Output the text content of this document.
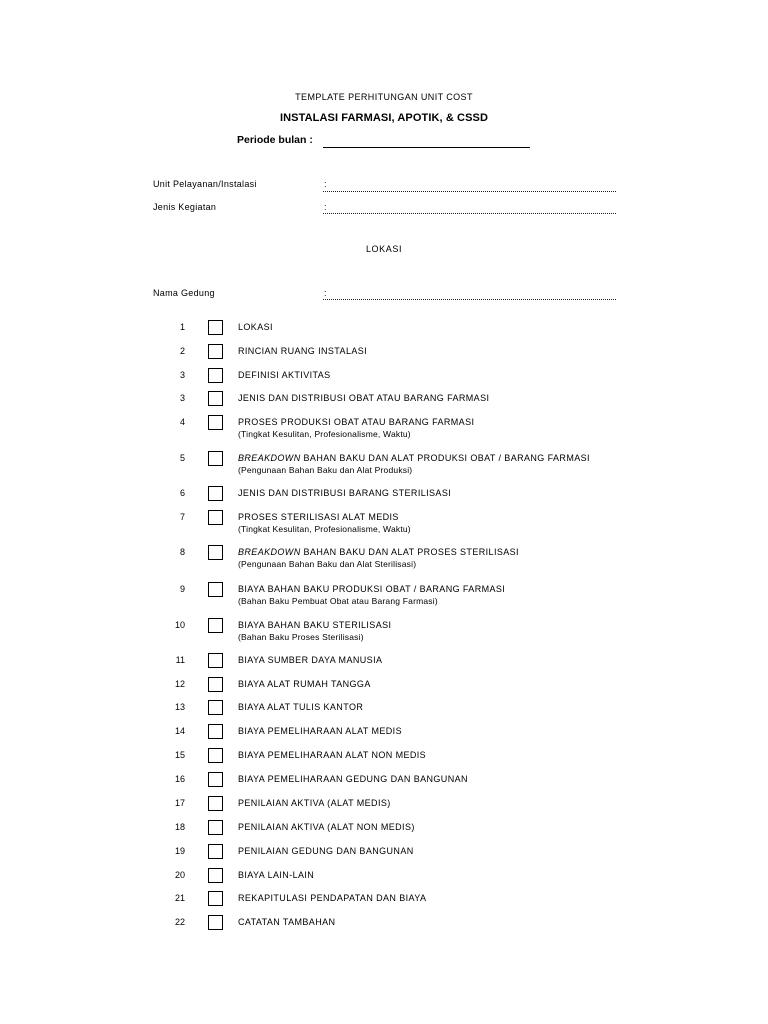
TEMPLATE PERHITUNGAN UNIT COST
INSTALASI FARMASI, APOTIK, & CSSD
Periode bulan :
Unit Pelayanan/Instalasi	:
Jenis Kegiatan	:
LOKASI
Nama Gedung	:
1	LOKASI
2	RINCIAN RUANG INSTALASI
3	DEFINISI AKTIVITAS
3	JENIS DAN DISTRIBUSI OBAT ATAU BARANG FARMASI
4	PROSES PRODUKSI OBAT ATAU BARANG FARMASI
(Tingkat Kesulitan, Profesionalisme, Waktu)
5	BREAKDOWN BAHAN BAKU DAN ALAT PRODUKSI OBAT / BARANG FARMASI
(Pengunaan Bahan Baku dan Alat Produksi)
6	JENIS DAN DISTRIBUSI BARANG STERILISASI
7	PROSES STERILISASI ALAT MEDIS
(Tingkat Kesulitan, Profesionalisme, Waktu)
8	BREAKDOWN BAHAN BAKU DAN ALAT PROSES STERILISASI
(Pengunaan Bahan Baku dan Alat Sterilisasi)
9	BIAYA BAHAN BAKU PRODUKSI OBAT / BARANG FARMASI
(Bahan Baku Pembuat Obat atau Barang Farmasi)
10	BIAYA BAHAN BAKU STERILISASI
(Bahan Baku Proses Sterilisasi)
11	BIAYA SUMBER DAYA MANUSIA
12	BIAYA ALAT RUMAH TANGGA
13	BIAYA ALAT TULIS KANTOR
14	BIAYA PEMELIHARAAN ALAT MEDIS
15	BIAYA PEMELIHARAAN ALAT NON MEDIS
16	BIAYA PEMELIHARAAN GEDUNG DAN BANGUNAN
17	PENILAIAN AKTIVA (ALAT MEDIS)
18	PENILAIAN AKTIVA (ALAT NON MEDIS)
19	PENILAIAN GEDUNG DAN BANGUNAN
20	BIAYA LAIN-LAIN
21	REKAPITULASI PENDAPATAN DAN BIAYA
22	CATATAN TAMBAHAN
